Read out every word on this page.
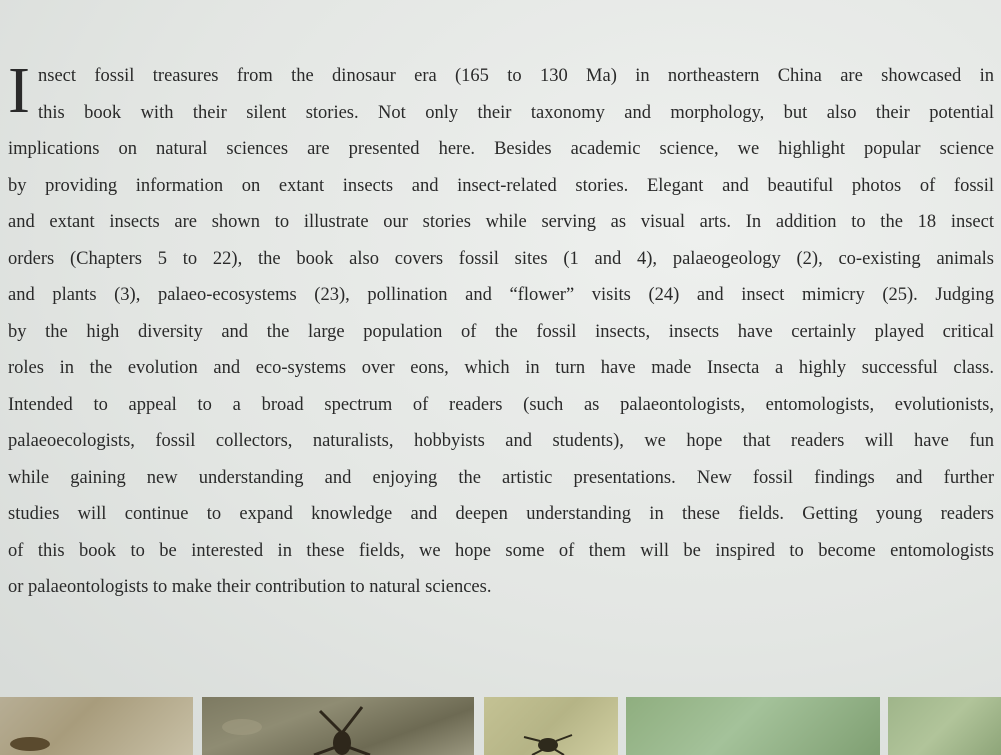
I nsect fossil treasures from the dinosaur era (165 to 130 Ma) in northeastern China are showcased in
this book with their silent stories. Not only their taxonomy and morphology, but also their potential
implications on natural sciences are presented here. Besides academic science, we highlight popular science
by providing information on extant insects and insect-related stories. Elegant and beautiful photos of fossil
and extant insects are shown to illustrate our stories while serving as visual arts. In addition to the 18 insect
orders (Chapters 5 to 22), the book also covers fossil sites (1 and 4), palaeogeology (2), co-existing animals
and plants (3), palaeo-ecosystems (23), pollination and “flower” visits (24) and insect mimicry (25). Judging
by the high diversity and the large population of the fossil insects, insects have certainly played critical
roles in the evolution and eco-systems over eons, which in turn have made Insecta a highly successful class.
Intended to appeal to a broad spectrum of readers (such as palaeontologists, entomologists, evolutionists,
palaeoecologists, fossil collectors, naturalists, hobbyists and students), we hope that readers will have fun
while gaining new understanding and enjoying the artistic presentations. New fossil findings and further
studies will continue to expand knowledge and deepen understanding in these fields. Getting young readers
of this book to be interested in these fields, we hope some of them will be inspired to become entomologists
or palaeontologists to make their contribution to natural sciences.
